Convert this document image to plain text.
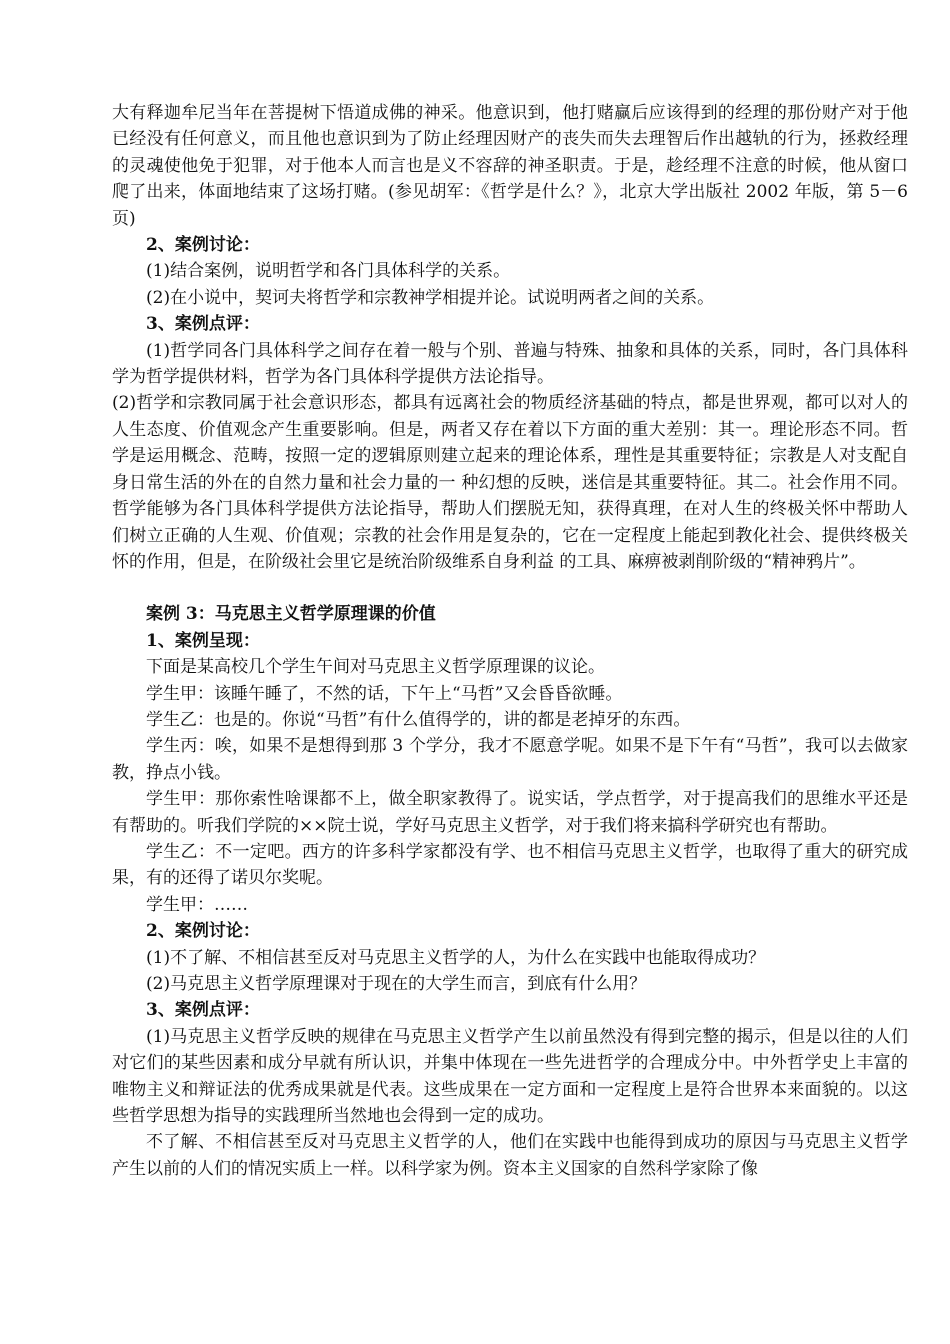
大有释迦牟尼当年在菩提树下悟道成佛的神采。他意识到，他打赌赢后应该得到的经理的那份财产对于他已经没有任何意义，而且他也意识到为了防止经理因财产的丧失而失去理智后作出越轨的行为，拯救经理的灵魂使他免于犯罪，对于他本人而言也是义不容辞的神圣职责。于是，趁经理不注意的时候，他从窗口爬了出来，体面地结束了这场打赌。(参见胡军：《哲学是什么？》，北京大学出版社 2002 年版，第 5－6 页)

2、案例讨论：

(1)结合案例，说明哲学和各门具体科学的关系。

(2)在小说中，契诃夫将哲学和宗教神学相提并论。试说明两者之间的关系。

3、案例点评：

(1)哲学同各门具体科学之间存在着一般与个别、普遍与特殊、抽象和具体的关系，同时，各门具体科学为哲学提供材料，哲学为各门具体科学提供方法论指导。

(2)哲学和宗教同属于社会意识形态，都具有远离社会的物质经济基础的特点，都是世界观，都可以对人的人生态度、价值观念产生重要影响。但是，两者又存在着以下方面的重大差别：其一。理论形态不同。哲学是运用概念、范畴，按照一定的逻辑原则建立起来的理论体系，理性是其重要特征；宗教是人对支配自身日常生活的外在的自然力量和社会力量的一 种幻想的反映，迷信是其重要特征。其二。社会作用不同。哲学能够为各门具体科学提供方法论指导，帮助人们摆脱无知，获得真理，在对人生的终极关怀中帮助人 们树立正确的人生观、价值观；宗教的社会作用是复杂的，它在一定程度上能起到教化社会、提供终极关怀的作用，但是，在阶级社会里它是统治阶级维系自身利益 的工具、麻痹被剥削阶级的“精神鸦片”。

案例 3：马克思主义哲学原理课的价值

1、案例呈现：

下面是某高校几个学生午间对马克思主义哲学原理课的议论。

学生甲：该睡午睡了，不然的话，下午上“马哲”又会昏昏欲睡。

学生乙：也是的。你说“马哲”有什么值得学的，讲的都是老掉牙的东西。

学生丙：唉，如果不是想得到那 3 个学分，我才不愿意学呢。如果不是下午有“马哲”，我可以去做家教，挣点小钱。

学生甲：那你索性啥课都不上，做全职家教得了。说实话，学点哲学，对于提高我们的思维水平还是有帮助的。听我们学院的××院士说，学好马克思主义哲学，对于我们将来搞科学研究也有帮助。

学生乙：不一定吧。西方的许多科学家都没有学、也不相信马克思主义哲学，也取得了重大的研究成果，有的还得了诺贝尔奖呢。

学生甲：……

2、案例讨论：

(1)不了解、不相信甚至反对马克思主义哲学的人，为什么在实践中也能取得成功？

(2)马克思主义哲学原理课对于现在的大学生而言，到底有什么用？

3、案例点评：

(1)马克思主义哲学反映的规律在马克思主义哲学产生以前虽然没有得到完整的揭示，但是以往的人们对它们的某些因素和成分早就有所认识，并集中体现在一些先进哲学的合理成分中。中外哲学史上丰富的唯物主义和辩证法的优秀成果就是代表。这些成果在一定方面和一定程度上是符合世界本来面貌的。以这些哲学思想为指导的实践理所当然地也会得到一定的成功。

不了解、不相信甚至反对马克思主义哲学的人，他们在实践中也能得到成功的原因与马克思主义哲学产生以前的人们的情况实质上一样。以科学家为例。资本主义国家的自然科学家除了像
